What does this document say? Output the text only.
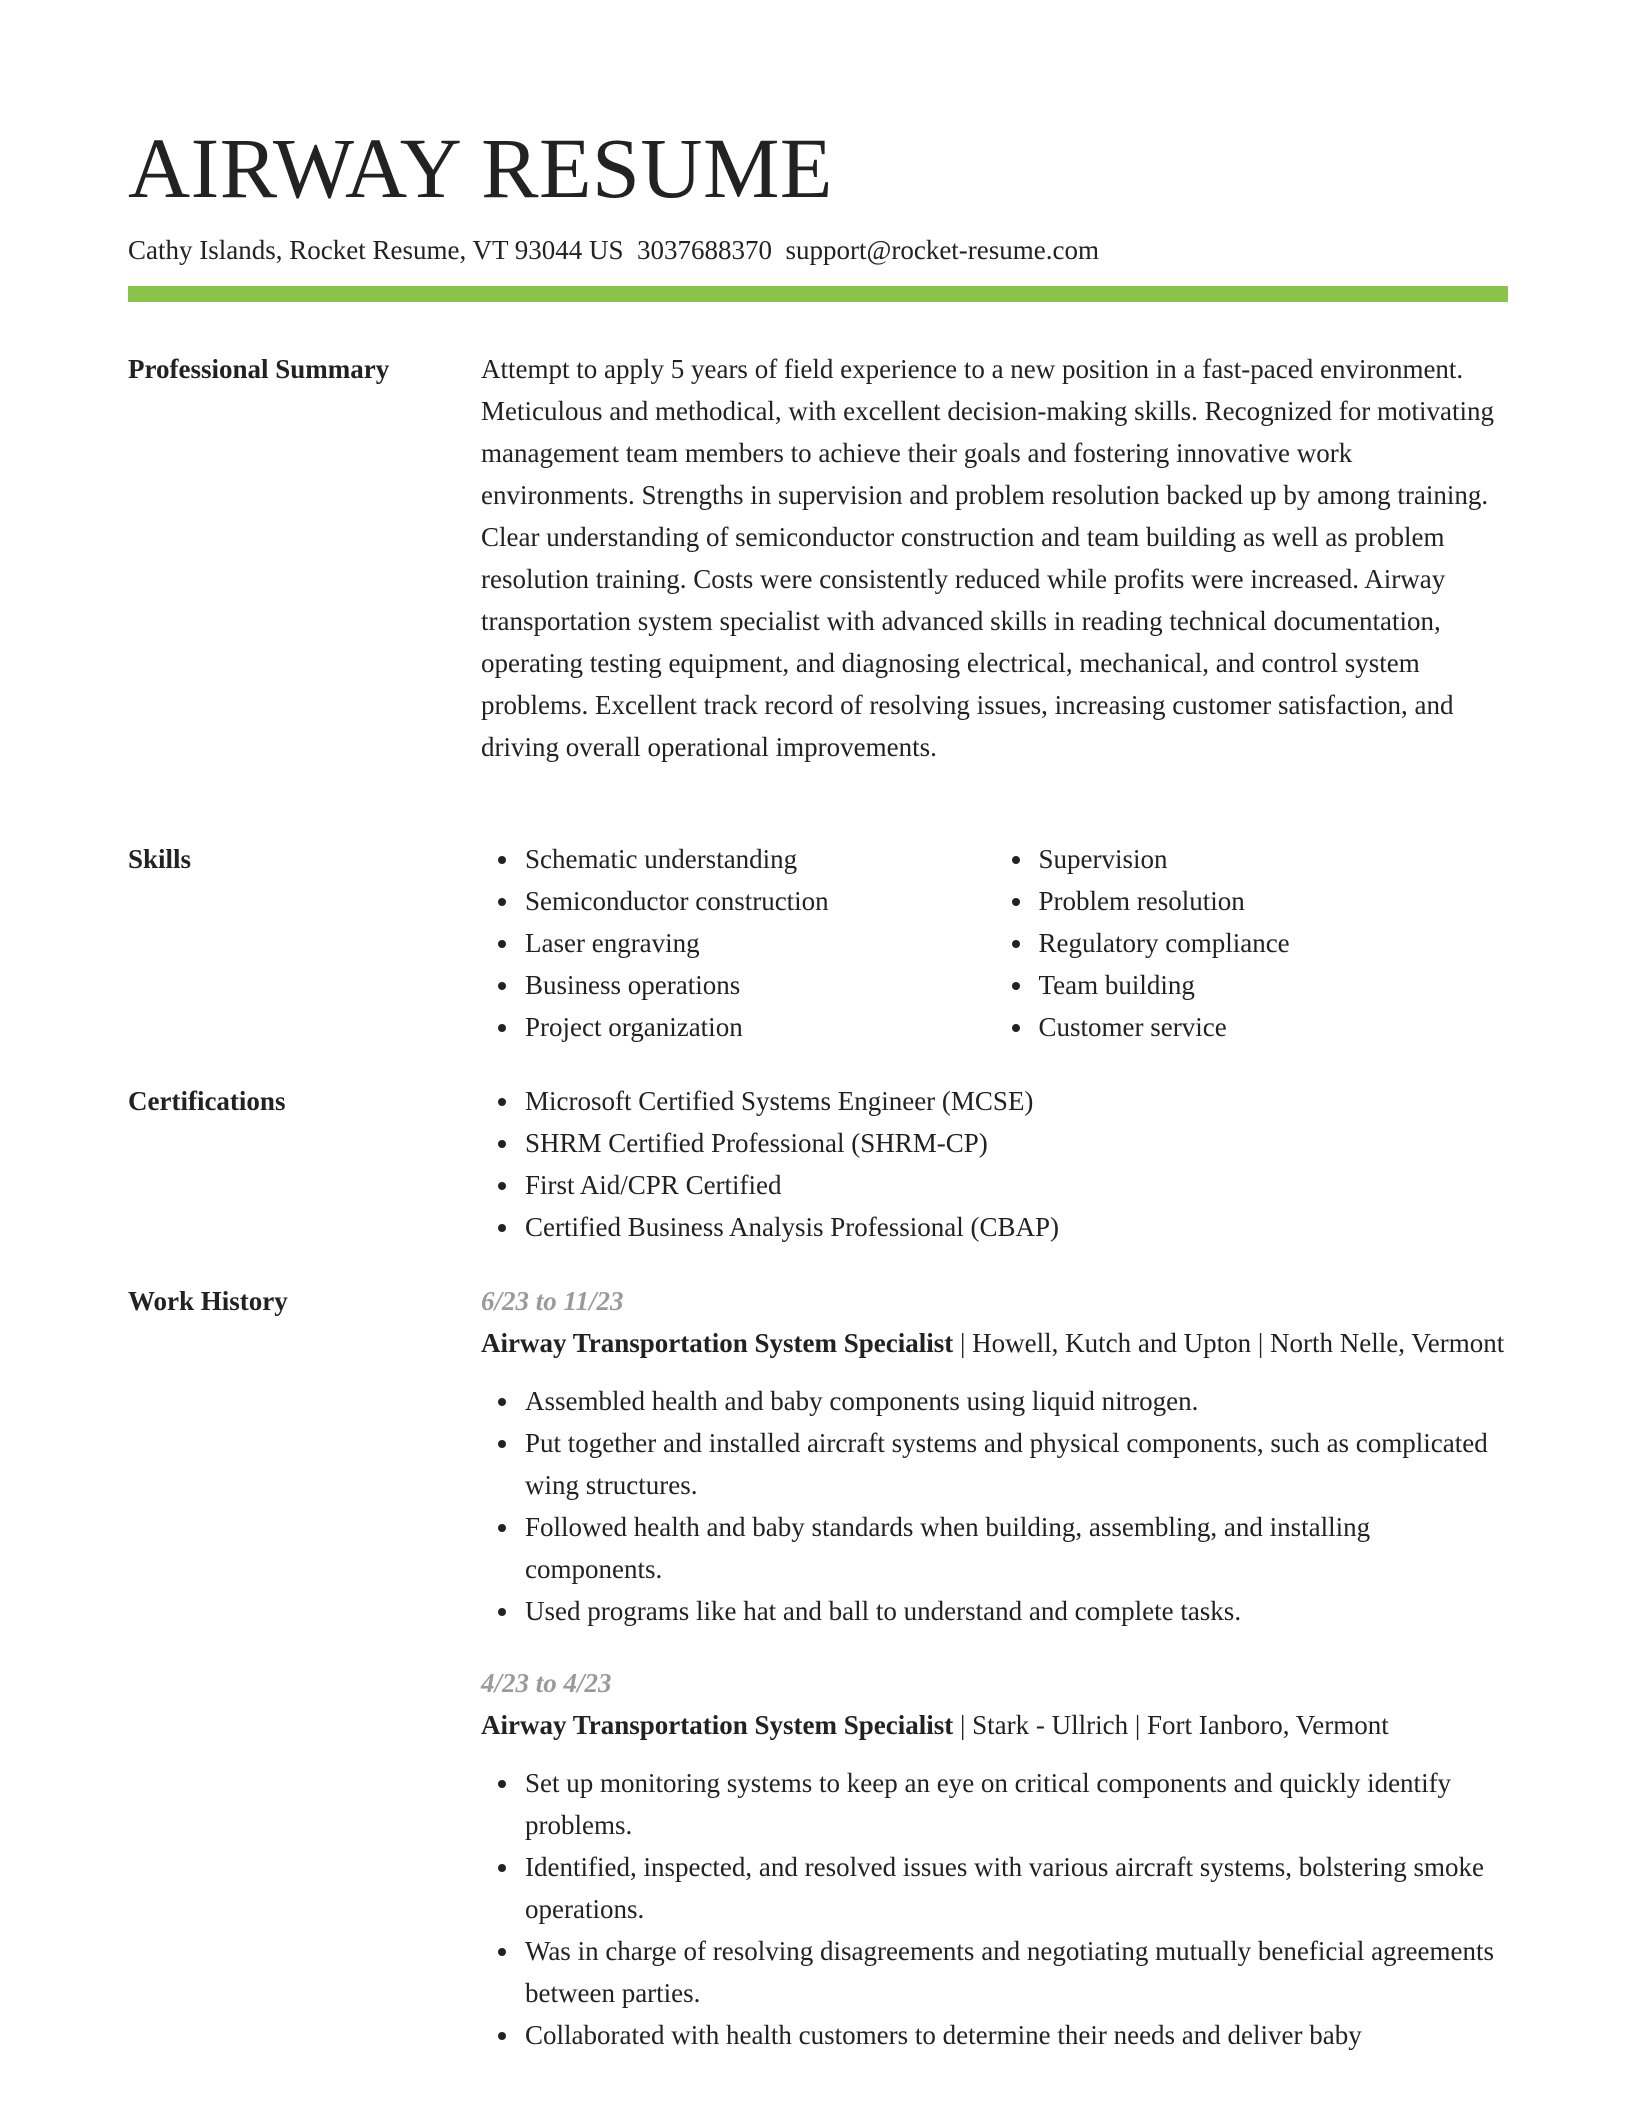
AIRWAY RESUME
Cathy Islands, Rocket Resume, VT 93044 US 3037688370 support@rocket-resume.com
Professional Summary	Attempt to apply 5 years of field experience to a new position in a fast-paced environment. Meticulous and methodical, with excellent decision-making skills. Recognized for motivating management team members to achieve their goals and fostering innovative work environments. Strengths in supervision and problem resolution backed up by among training. Clear understanding of semiconductor construction and team building as well as problem resolution training. Costs were consistently reduced while profits were increased. Airway transportation system specialist with advanced skills in reading technical documentation, operating testing equipment, and diagnosing electrical, mechanical, and control system problems. Excellent track record of resolving issues, increasing customer satisfaction, and driving overall operational improvements.

Skills	Schematic understanding
Semiconductor construction
Laser engraving
Business operations
Project organization
Supervision
Problem resolution
Regulatory compliance
Team building
Customer service
Certifications	Microsoft Certified Systems Engineer (MCSE)
SHRM Certified Professional (SHRM-CP)
First Aid/CPR Certified
Certified Business Analysis Professional (CBAP)
Work History	6/23 to 11/23
Airway Transportation System Specialist | Howell, Kutch and Upton | North Nelle, Vermont
Assembled health and baby components using liquid nitrogen.
Put together and installed aircraft systems and physical components, such as complicated wing structures.
Followed health and baby standards when building, assembling, and installing components.
Used programs like hat and ball to understand and complete tasks.
4/23 to 4/23
Airway Transportation System Specialist | Stark - Ullrich | Fort Ianboro, Vermont
Set up monitoring systems to keep an eye on critical components and quickly identify problems.
Identified, inspected, and resolved issues with various aircraft systems, bolstering smoke operations.
Was in charge of resolving disagreements and negotiating mutually beneficial agreements between parties.
Collaborated with health customers to determine their needs and deliver baby
